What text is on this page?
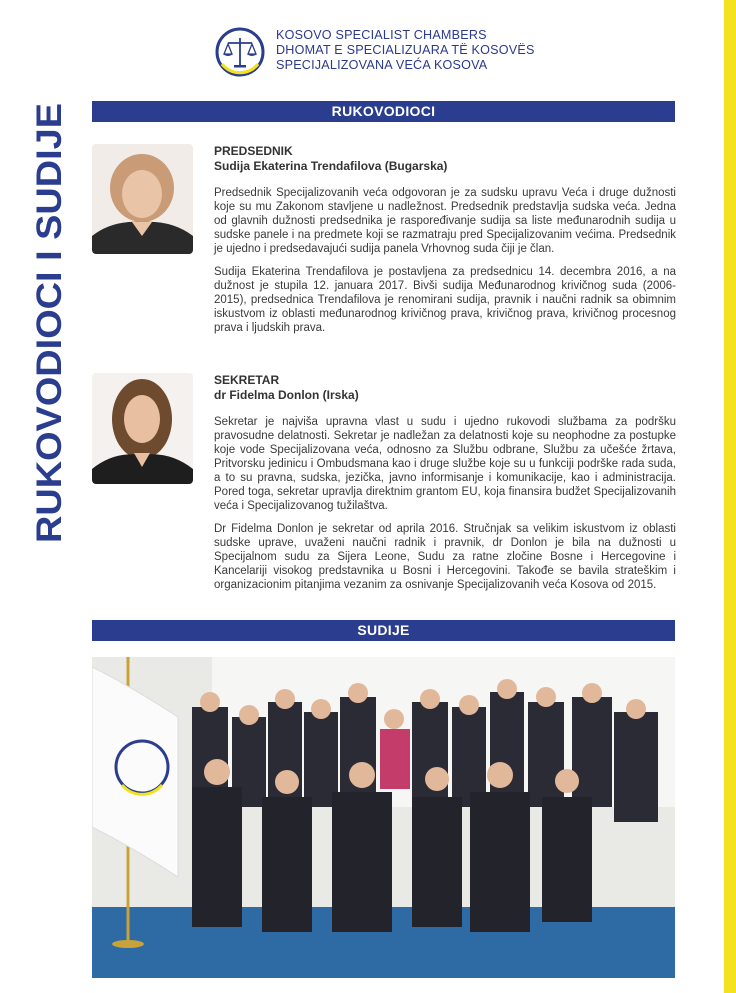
KOSOVO SPECIALIST CHAMBERS
DHOMAT E SPECIALIZUARA TË KOSOVËS
SPECIJALIZOVANA VEĆA KOSOVA
RUKOVODIOCI I SUDIJE
RUKOVODIOCI
PREDSEDNIK
Sudija Ekaterina Trendafilova (Bugarska)

Predsednik Specijalizovanih veća odgovoran je za sudsku upravu Veća i druge dužnosti koje su mu Zakonom stavljene u nadležnost. Predsednik predstavlja sudska veća. Jedna od glavnih dužnosti predsednika je raspoređivanje sudija sa liste međunarodnih sudija u sudske panele i na predmete koji se razmatraju pred Specijalizovanim većima. Predsednik je ujedno i predsedavajući sudija panela Vrhovnog suda čiji je član.

Sudija Ekaterina Trendafilova je postavljena za predsednicu 14. decembra 2016, a na dužnost je stupila 12. januara 2017. Bivši sudija Međunarodnog krivičnog suda (2006-2015), predsednica Trendafilova je renomirani sudija, pravnik i naučni radnik sa obimnim iskustvom iz oblasti međunarodnog krivičnog prava, krivičnog prava, krivičnog procesnog prava i ljudskih prava.

SEKRETAR
dr Fidelma Donlon (Irska)

Sekretar je najviša upravna vlast u sudu i ujedno rukovodi službama za podršku pravosudne delatnosti. Sekretar je nadležan za delatnosti koje su neophodne za postupke koje vode Specijalizovana veća, odnosno za Službu odbrane, Službu za učešće žrtava, Pritvorsku jedinicu i Ombudsmana kao i druge službe koje su u funkciji podrške rada suda, a to su pravna, sudska, jezička, javno informisanje i komunikacije, kao i administracija. Pored toga, sekretar upravlja direktnim grantom EU, koja finansira budžet Specijalizovanih veća i Specijalizovanog tužilaštva.

Dr Fidelma Donlon je sekretar od aprila 2016. Stručnjak sa velikim iskustvom iz oblasti sudske uprave, uvaženi naučni radnik i pravnik, dr Donlon je bila na dužnosti u Specijalnom sudu za Sijera Leone, Sudu za ratne zločine Bosne i Hercegovine i Kancelariji visokog predstavnika u Bosni i Hercegovini. Takođe se bavila strateškim i organizacionim pitanjima vezanim za osnivanje Specijalizovanih veća Kosova od 2015.

SUDIJE
